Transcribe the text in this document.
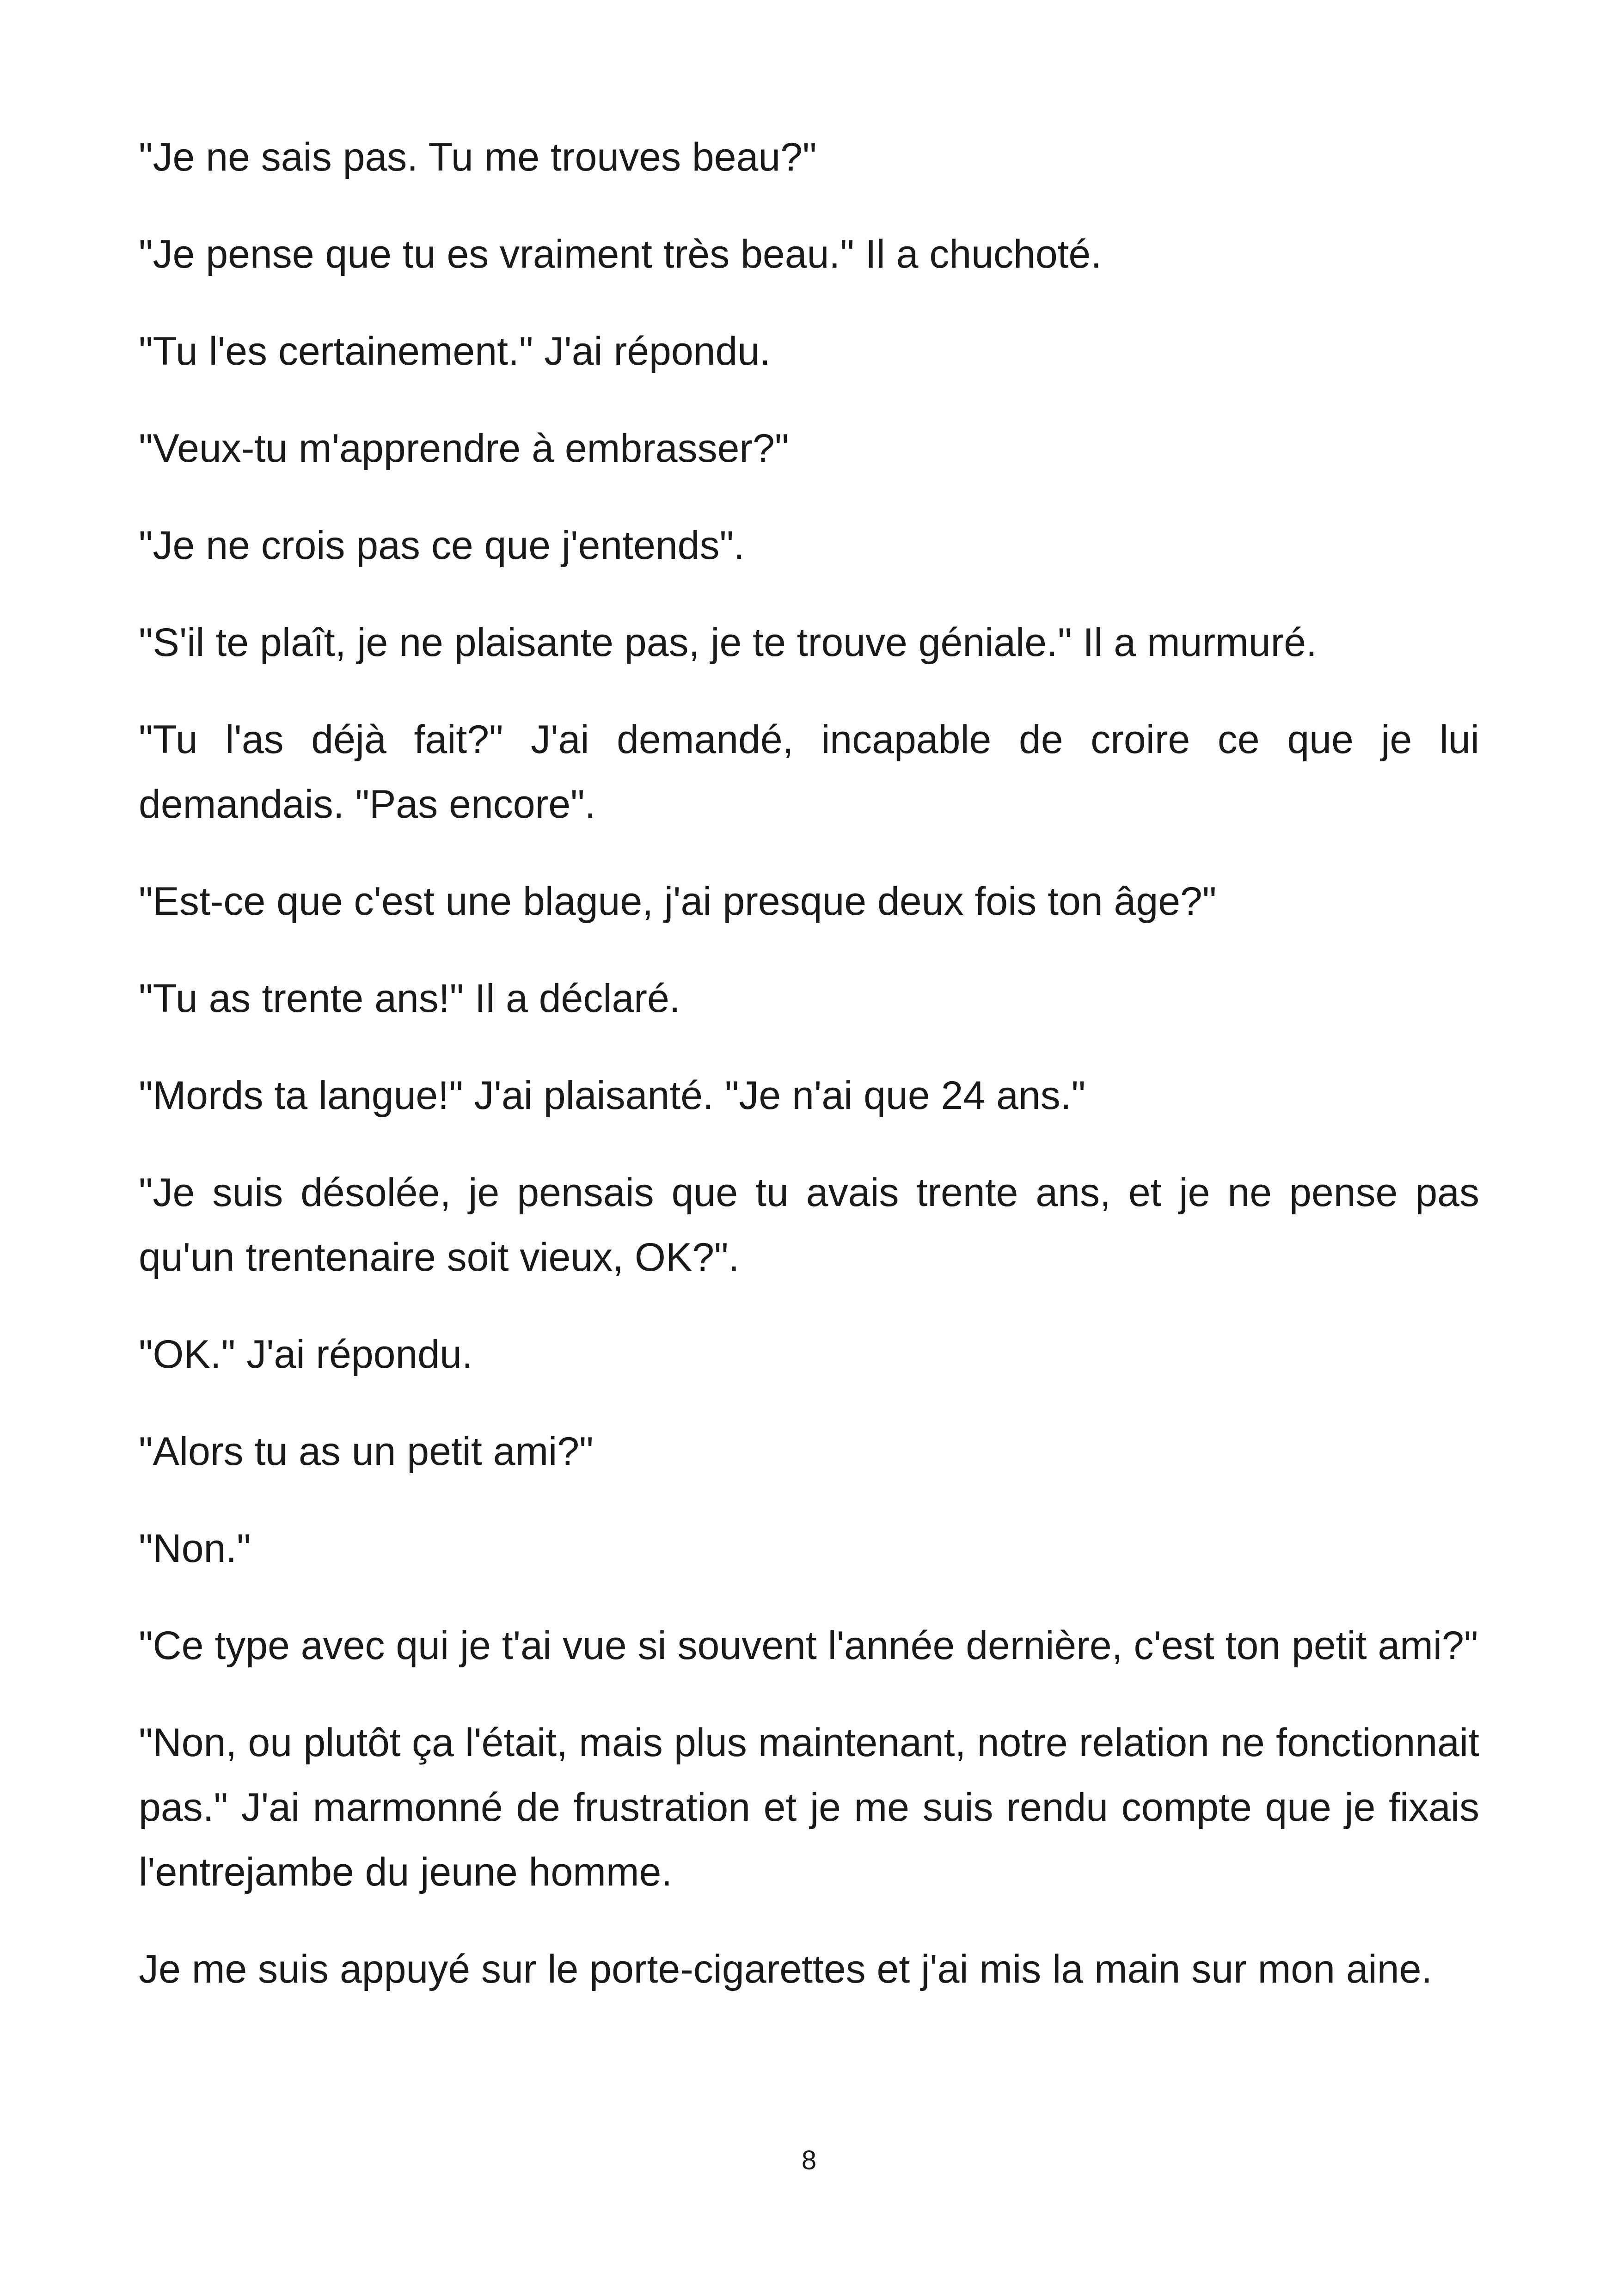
"Je ne sais pas. Tu me trouves beau?"

"Je pense que tu es vraiment très beau." Il a chuchoté.

"Tu l'es certainement." J'ai répondu.

"Veux-tu m'apprendre à embrasser?"

"Je ne crois pas ce que j'entends".

"S'il te plaît, je ne plaisante pas, je te trouve géniale." Il a murmuré.

"Tu l'as déjà fait?" J'ai demandé, incapable de croire ce que je lui demandais. "Pas encore".

"Est-ce que c'est une blague, j'ai presque deux fois ton âge?"

"Tu as trente ans!" Il a déclaré.

"Mords ta langue!" J'ai plaisanté. "Je n'ai que 24 ans."

"Je suis désolée, je pensais que tu avais trente ans, et je ne pense pas qu'un trentenaire soit vieux, OK?".

"OK." J'ai répondu.

"Alors tu as un petit ami?"

"Non."

"Ce type avec qui je t'ai vue si souvent l'année dernière, c'est ton petit ami?"

"Non, ou plutôt ça l'était, mais plus maintenant, notre relation ne fonctionnait pas." J'ai marmonné de frustration et je me suis rendu compte que je fixais l'entrejambe du jeune homme.

Je me suis appuyé sur le porte-cigarettes et j'ai mis la main sur mon aine.

8
